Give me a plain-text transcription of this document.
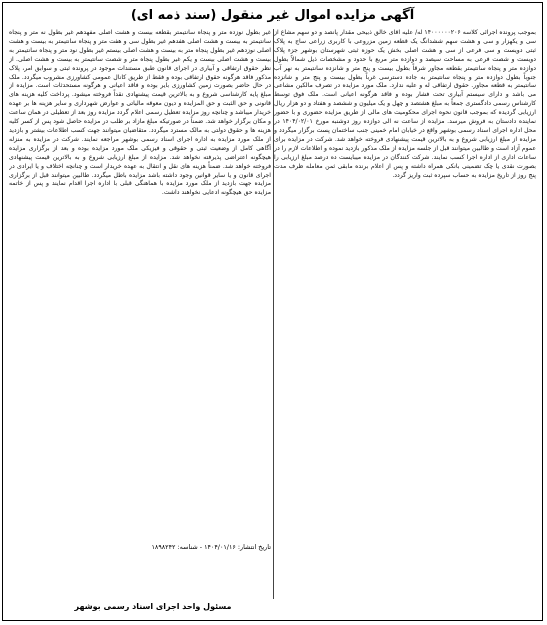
آگهی مزایده اموال غیر منقول (سند ذمه ای)

بموجب پرونده اجرائی کلاسه ۱۴۰۰۰۰۰۰۲۰۶ له/ علیه آقای خالق ذبیحی مقدار پانصد و دو سهم مشاع از سی و یکهزار و سی و هشت سهم ششدانگ یک قطعه زمین مزروعی با کاربری زراعی ساج به پلاک ثبتی دویست و سی فرعی از سی و هشت اصلی بخش یک حوزه ثبتی شهرستان بوشهر جزء پلاک دویست و شصت فرعی به مساحت سیصد و دوازده متر مربع با حدود و مشخصات ذیل شمالاً بطول دوازده متر و پنجاه سانتیمتر بقطعه مجاور شرقاً بطول بیست و پنج متر و شانزده سانتیمتر به نهر آب جنوباً بطول دوازده متر و پنجاه سانتیمتر به جاده دسترسی غرباً بطول بیست و پنج متر و شانزده سانتیمتر به قطعه مجاور. حقوق ارتفاقی له و علیه ندارد. ملک مورد مزایده در تصرف مالکین مشاعی می باشد و دارای سیستم آبیاری تحت فشار بوده و فاقد هرگونه اعیانی است. ملک فوق توسط کارشناس رسمی دادگستری جمعاً به مبلغ هشتصد و چهل و یک میلیون و ششصد و هفتاد و دو هزار ریال ارزیابی گردیده که بموجب قانون نحوه اجرای محکومیت های مالی از طریق مزایده حضوری و با حضور نماینده دادستان به فروش میرسد. مزایده از ساعت نه الی دوازده روز دوشنبه مورخ ۱۴۰۴/۰۲/۰۱ در محل اداره اجرای اسناد رسمی بوشهر واقع در خیابان امام خمینی جنب ساختمان پست برگزار میگردد و مزایده از مبلغ ارزیابی شروع و به بالاترین قیمت پیشنهادی فروخته خواهد شد. شرکت در مزایده برای عموم آزاد است و طالبین میتوانند قبل از جلسه مزایده از ملک مذکور بازدید نموده و اطلاعات لازم را در ساعات اداری از اداره اجرا کسب نمایند. شرکت کنندگان در مزایده میبایست ده درصد مبلغ ارزیابی را بصورت نقدی یا چک تضمینی بانکی همراه داشته و پس از اعلام برنده مابقی ثمن معامله ظرف مدت پنج روز از تاریخ مزایده به حساب سپرده ثبت واریز گردد.

غیر بطول نوزده متر و پنجاه سانتیمتر بقطعه بیست و هشت اصلی مفهدهم غیر بطول نه متر و پنجاه سانتیمتر به بیست و هشت اصلی هفدهم غیر بطول سی و هفت متر و پنجاه سانتیمتر به بیست و هشت اصلی نوزدهم غیر بطول پنجاه متر به بیست و هشت اصلی بیستم غیر بطول نود متر و پنجاه سانتیمتر به بیست و هشت اصلی بیست و یکم غیر بطول پنجاه متر و شصت سانتیمتر به بیست و هشت اصلی. از نظر حقوق ارتفاقی و آبیاری در اجرای قانون طبق مستندات موجود در پرونده ثبتی و سوابق امر، پلاک مذکور فاقد هرگونه حقوق ارتفاقی بوده و فقط از طریق کانال عمومی کشاورزی مشروب میگردد. ملک در حال حاضر بصورت زمین کشاورزی بایر بوده و فاقد اعیانی و هرگونه مستحدثات است. مزایده از مبلغ پایه کارشناسی شروع و به بالاترین قیمت پیشنهادی نقداً فروخته میشود. پرداخت کلیه هزینه های قانونی و حق الثبت و حق المزایده و دیون معوقه مالیاتی و عوارض شهرداری و سایر هزینه ها بر عهده خریدار میباشد و چنانچه روز مزایده تعطیل رسمی اعلام گردد مزایده روز بعد از تعطیلی در همان ساعت و مکان برگزار خواهد شد. ضمناً در صورتیکه مبلغ مازاد بر طلب در مزایده حاصل شود پس از کسر کلیه هزینه ها و حقوق دولتی به مالک مسترد میگردد. متقاضیان میتوانند جهت کسب اطلاعات بیشتر و بازدید از ملک مورد مزایده به اداره اجرای اسناد رسمی بوشهر مراجعه نمایند. شرکت در مزایده به منزله آگاهی کامل از وضعیت ثبتی و حقوقی و فیزیکی ملک مورد مزایده بوده و بعد از برگزاری مزایده هیچگونه اعتراضی پذیرفته نخواهد شد. مزایده از مبلغ ارزیابی شروع و به بالاترین قیمت پیشنهادی فروخته خواهد شد. ضمناً هزینه های نقل و انتقال به عهده خریدار است و چنانچه اختلاف و یا ایرادی در اجرای قانون و یا سایر قوانین وجود داشته باشد مزایده باطل میگردد. طالبین میتوانند قبل از برگزاری مزایده جهت بازدید از ملک مورد مزایده با هماهنگی قبلی با اداره اجرا اقدام نمایند و پس از خاتمه مزایده حق هیچگونه ادعایی نخواهند داشت.

تاریخ انتشار: ۱۴۰۴/۰۱/۱۶ - شناسه: ۱۸۹۸۲۴۲
مسئول واحد اجرای اسناد رسمی بوشهر
